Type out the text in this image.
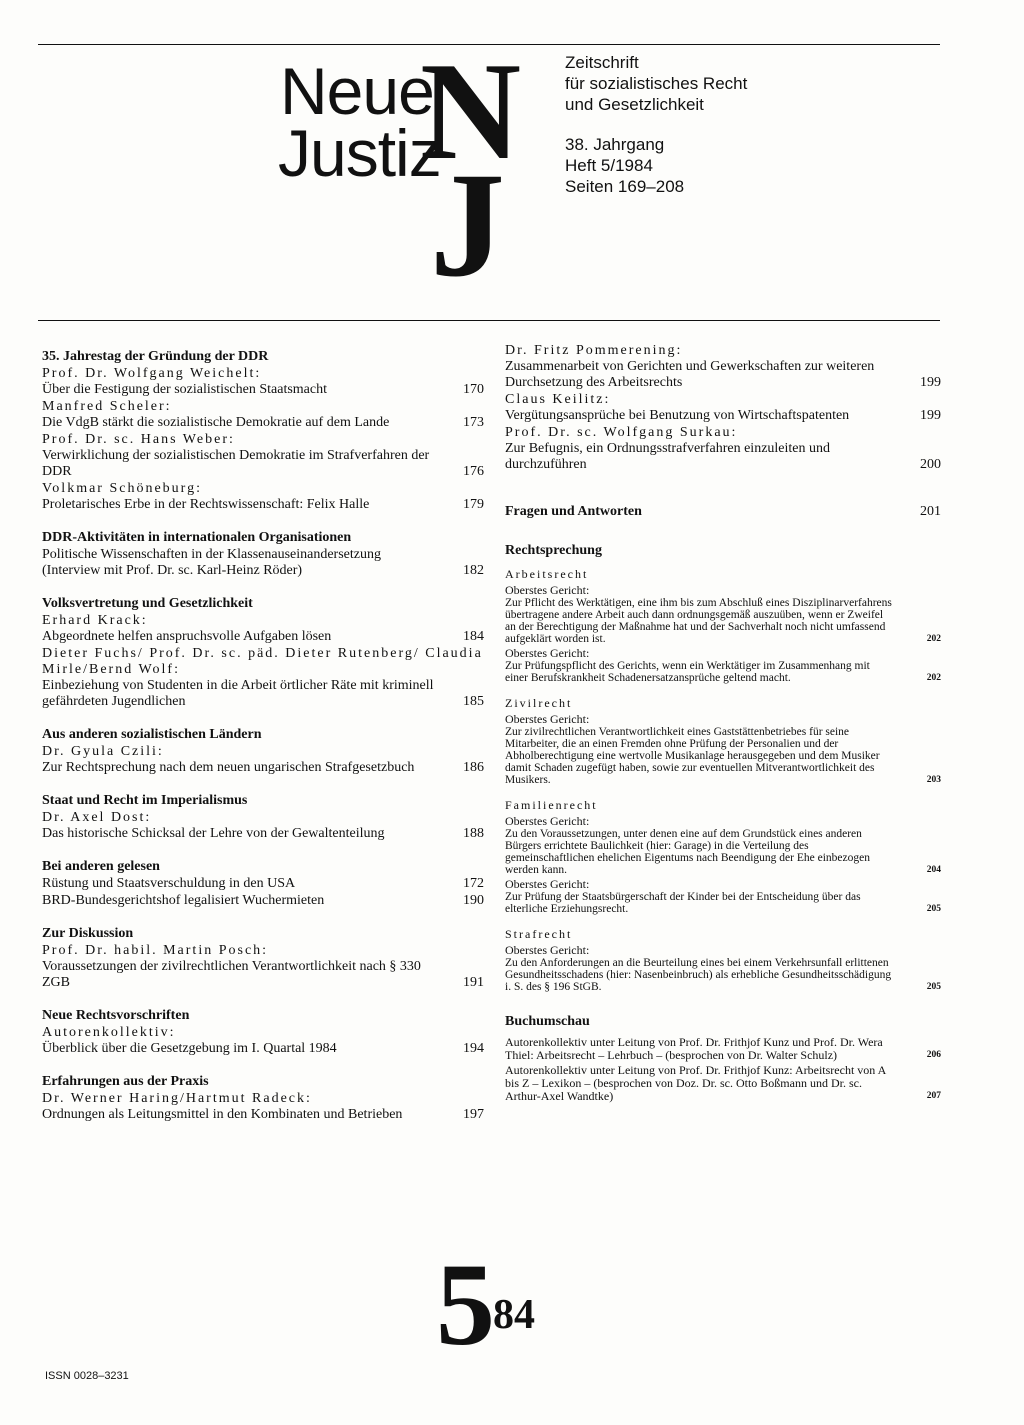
Neue
Justiz
N
J
Zeitschrift
für sozialistisches Recht
und Gesetzlichkeit
38. Jahrgang
Heft 5/1984
Seiten 169–208
35. Jahrestag der Gründung der DDR
Prof. Dr. Wolfgang Weichelt:
Über die Festigung der sozialistischen Staatsmacht	170
Manfred Scheler:
Die VdgB stärkt die sozialistische Demokratie auf dem Lande	173
Prof. Dr. sc. Hans Weber:
Verwirklichung der sozialistischen Demokratie im Strafverfahren der DDR	176
Volkmar Schöneburg:
Proletarisches Erbe in der Rechtswissenschaft: Felix Halle	179
DDR-Aktivitäten in internationalen Organisationen
Politische Wissenschaften in der Klassenauseinandersetzung (Interview mit Prof. Dr. sc. Karl-Heinz Röder)	182
Volksvertretung und Gesetzlichkeit
Erhard Krack:
Abgeordnete helfen anspruchsvolle Aufgaben lösen	184
Dieter Fuchs/ Prof. Dr. sc. päd. Dieter Rutenberg/ Claudia Mirle/Bernd Wolf:
Einbeziehung von Studenten in die Arbeit örtlicher Räte mit kriminell gefährdeten Jugendlichen	185
Aus anderen sozialistischen Ländern
Dr. Gyula Czili:
Zur Rechtsprechung nach dem neuen ungarischen Strafgesetzbuch	186
Staat und Recht im Imperialismus
Dr. Axel Dost:
Das historische Schicksal der Lehre von der Gewaltenteilung	188
Bei anderen gelesen
Rüstung und Staatsverschuldung in den USA	172
BRD-Bundesgerichtshof legalisiert Wuchermieten	190
Zur Diskussion
Prof. Dr. habil. Martin Posch:
Voraussetzungen der zivilrechtlichen Verantwortlichkeit nach § 330 ZGB	191
Neue Rechtsvorschriften
Autorenkollektiv:
Überblick über die Gesetzgebung im I. Quartal 1984	194
Erfahrungen aus der Praxis
Dr. Werner Haring/Hartmut Radeck:
Ordnungen als Leitungsmittel in den Kombinaten und Betrieben	197
Dr. Fritz Pommerening:
Zusammenarbeit von Gerichten und Gewerkschaften zur weiteren Durchsetzung des Arbeitsrechts	199
Claus Keilitz:
Vergütungsansprüche bei Benutzung von Wirtschaftspatenten	199
Prof. Dr. sc. Wolfgang Surkau:
Zur Befugnis, ein Ordnungsstrafverfahren einzuleiten und durchzuführen	200
Fragen und Antworten	201
Rechtsprechung
Arbeitsrecht
Oberstes Gericht:
Zur Pflicht des Werktätigen, eine ihm bis zum Abschluß eines Disziplinarverfahrens übertragene andere Arbeit auch dann ordnungsgemäß auszuüben, wenn er Zweifel an der Berechtigung der Maßnahme hat und der Sachverhalt noch nicht umfassend aufgeklärt worden ist.	202
Oberstes Gericht:
Zur Prüfungspflicht des Gerichts, wenn ein Werktätiger im Zusammenhang mit einer Berufskrankheit Schadenersatzansprüche geltend macht.	202
Zivilrecht
Oberstes Gericht:
Zur zivilrechtlichen Verantwortlichkeit eines Gaststättenbetriebes für seine Mitarbeiter, die an einen Fremden ohne Prüfung der Personalien und der Abholberechtigung eine wertvolle Musikanlage herausgegeben und dem Musiker damit Schaden zugefügt haben, sowie zur eventuellen Mitverantwortlichkeit des Musikers.	203
Familienrecht
Oberstes Gericht:
Zu den Voraussetzungen, unter denen eine auf dem Grundstück eines anderen Bürgers errichtete Baulichkeit (hier: Garage) in die Verteilung des gemeinschaftlichen ehelichen Eigentums nach Beendigung der Ehe einbezogen werden kann.	204
Oberstes Gericht:
Zur Prüfung der Staatsbürgerschaft der Kinder bei der Entscheidung über das elterliche Erziehungsrecht.	205
Strafrecht
Oberstes Gericht:
Zu den Anforderungen an die Beurteilung eines bei einem Verkehrsunfall erlittenen Gesundheitsschadens (hier: Nasenbeinbruch) als erhebliche Gesundheitsschädigung i. S. des § 196 StGB.	205
Buchumschau
Autorenkollektiv unter Leitung von Prof. Dr. Frithjof Kunz und Prof. Dr. Wera Thiel: Arbeitsrecht – Lehrbuch – (besprochen von Dr. Walter Schulz)	206
Autorenkollektiv unter Leitung von Prof. Dr. Frithjof Kunz: Arbeitsrecht von A bis Z – Lexikon – (besprochen von Doz. Dr. sc. Otto Boßmann und Dr. sc. Arthur-Axel Wandtke)	207
5
84
ISSN 0028–3231
